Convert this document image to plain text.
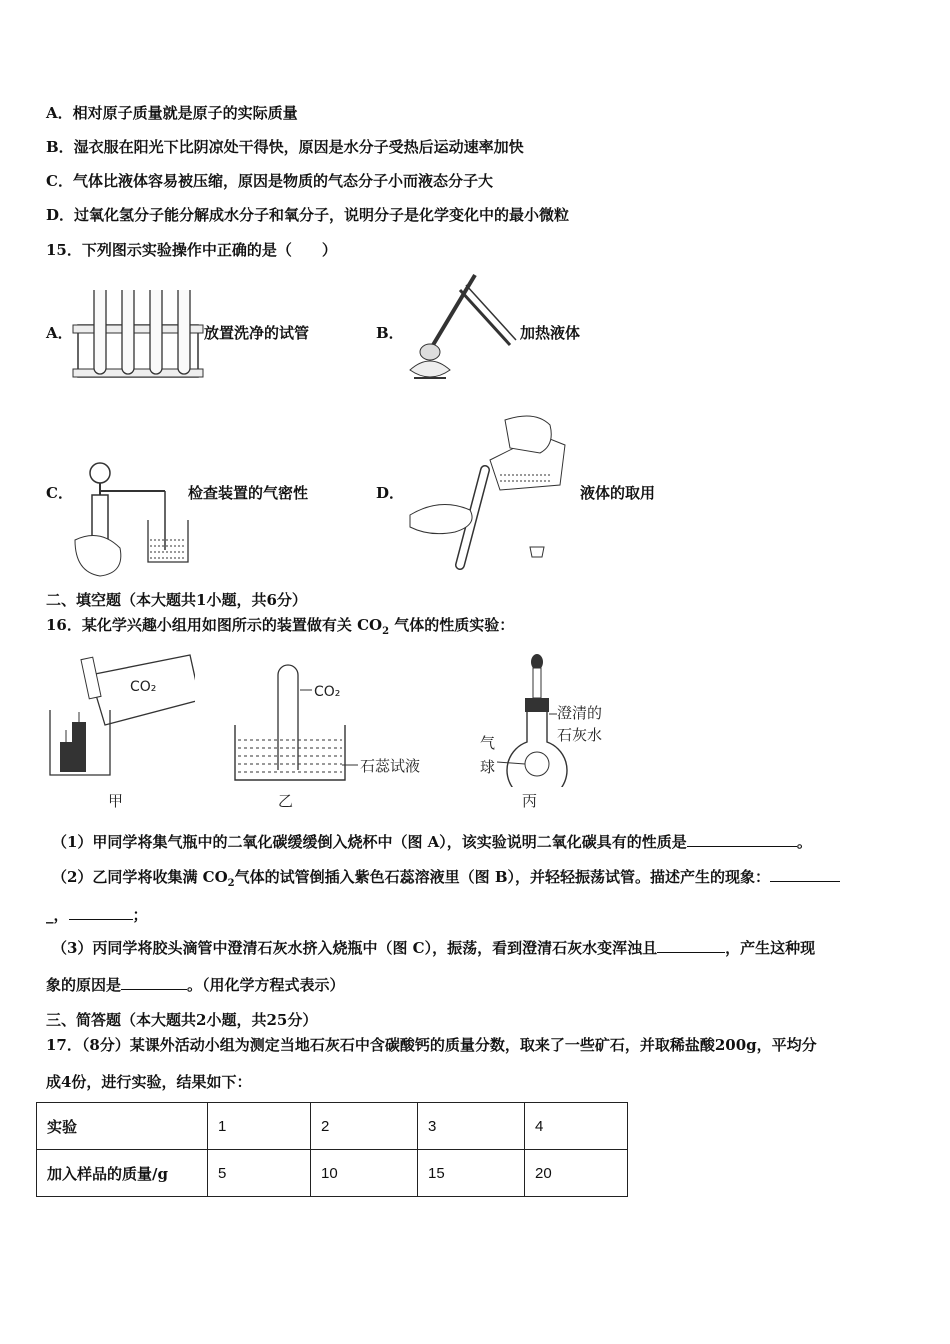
A．相对原子质量就是原子的实际质量
B．湿衣服在阳光下比阴凉处干得快，原因是水分子受热后运动速率加快
C．气体比液体容易被压缩，原因是物质的气态分子小而液态分子大
D．过氧化氢分子能分解成水分子和氧分子，说明分子是化学变化中的最小微粒
15．下列图示实验操作中正确的是（　　）
A．	放置洗净的试管	B．	加热液体
C．	检查装置的气密性	D．	液体的取用
二、填空题（本大题共1小题，共6分）
16．某化学兴趣小组用如图所示的装置做有关 $CO_2$ 气体的性质实验：
CO₂
甲
CO₂
石蕊试液
乙
澄清的
石灰水
气
球
丙
（1）甲同学将集气瓶中的二氧化碳缓缓倒入烧杯中（图 A），该实验说明二氧化碳具有的性质是	。
（2）乙同学将收集满 $CO_2$气体的试管倒插入紫色石蕊溶液里（图 B），并轻轻振荡试管。描述产生的现象：
_，	；
（3）丙同学将胶头滴管中澄清石灰水挤入烧瓶中（图 C），振荡，看到澄清石灰水变浑浊且	，产生这种现
象的原因是	。（用化学方程式表示）
三、简答题（本大题共2小题，共25分）
17．（8分）某课外活动小组为测定当地石灰石中含碳酸钙的质量分数，取来了一些矿石，并取稀盐酸200g，平均分
成4份，进行实验，结果如下：
实验	1	2	3	4
加入样品的质量/g	5	10	15	20
